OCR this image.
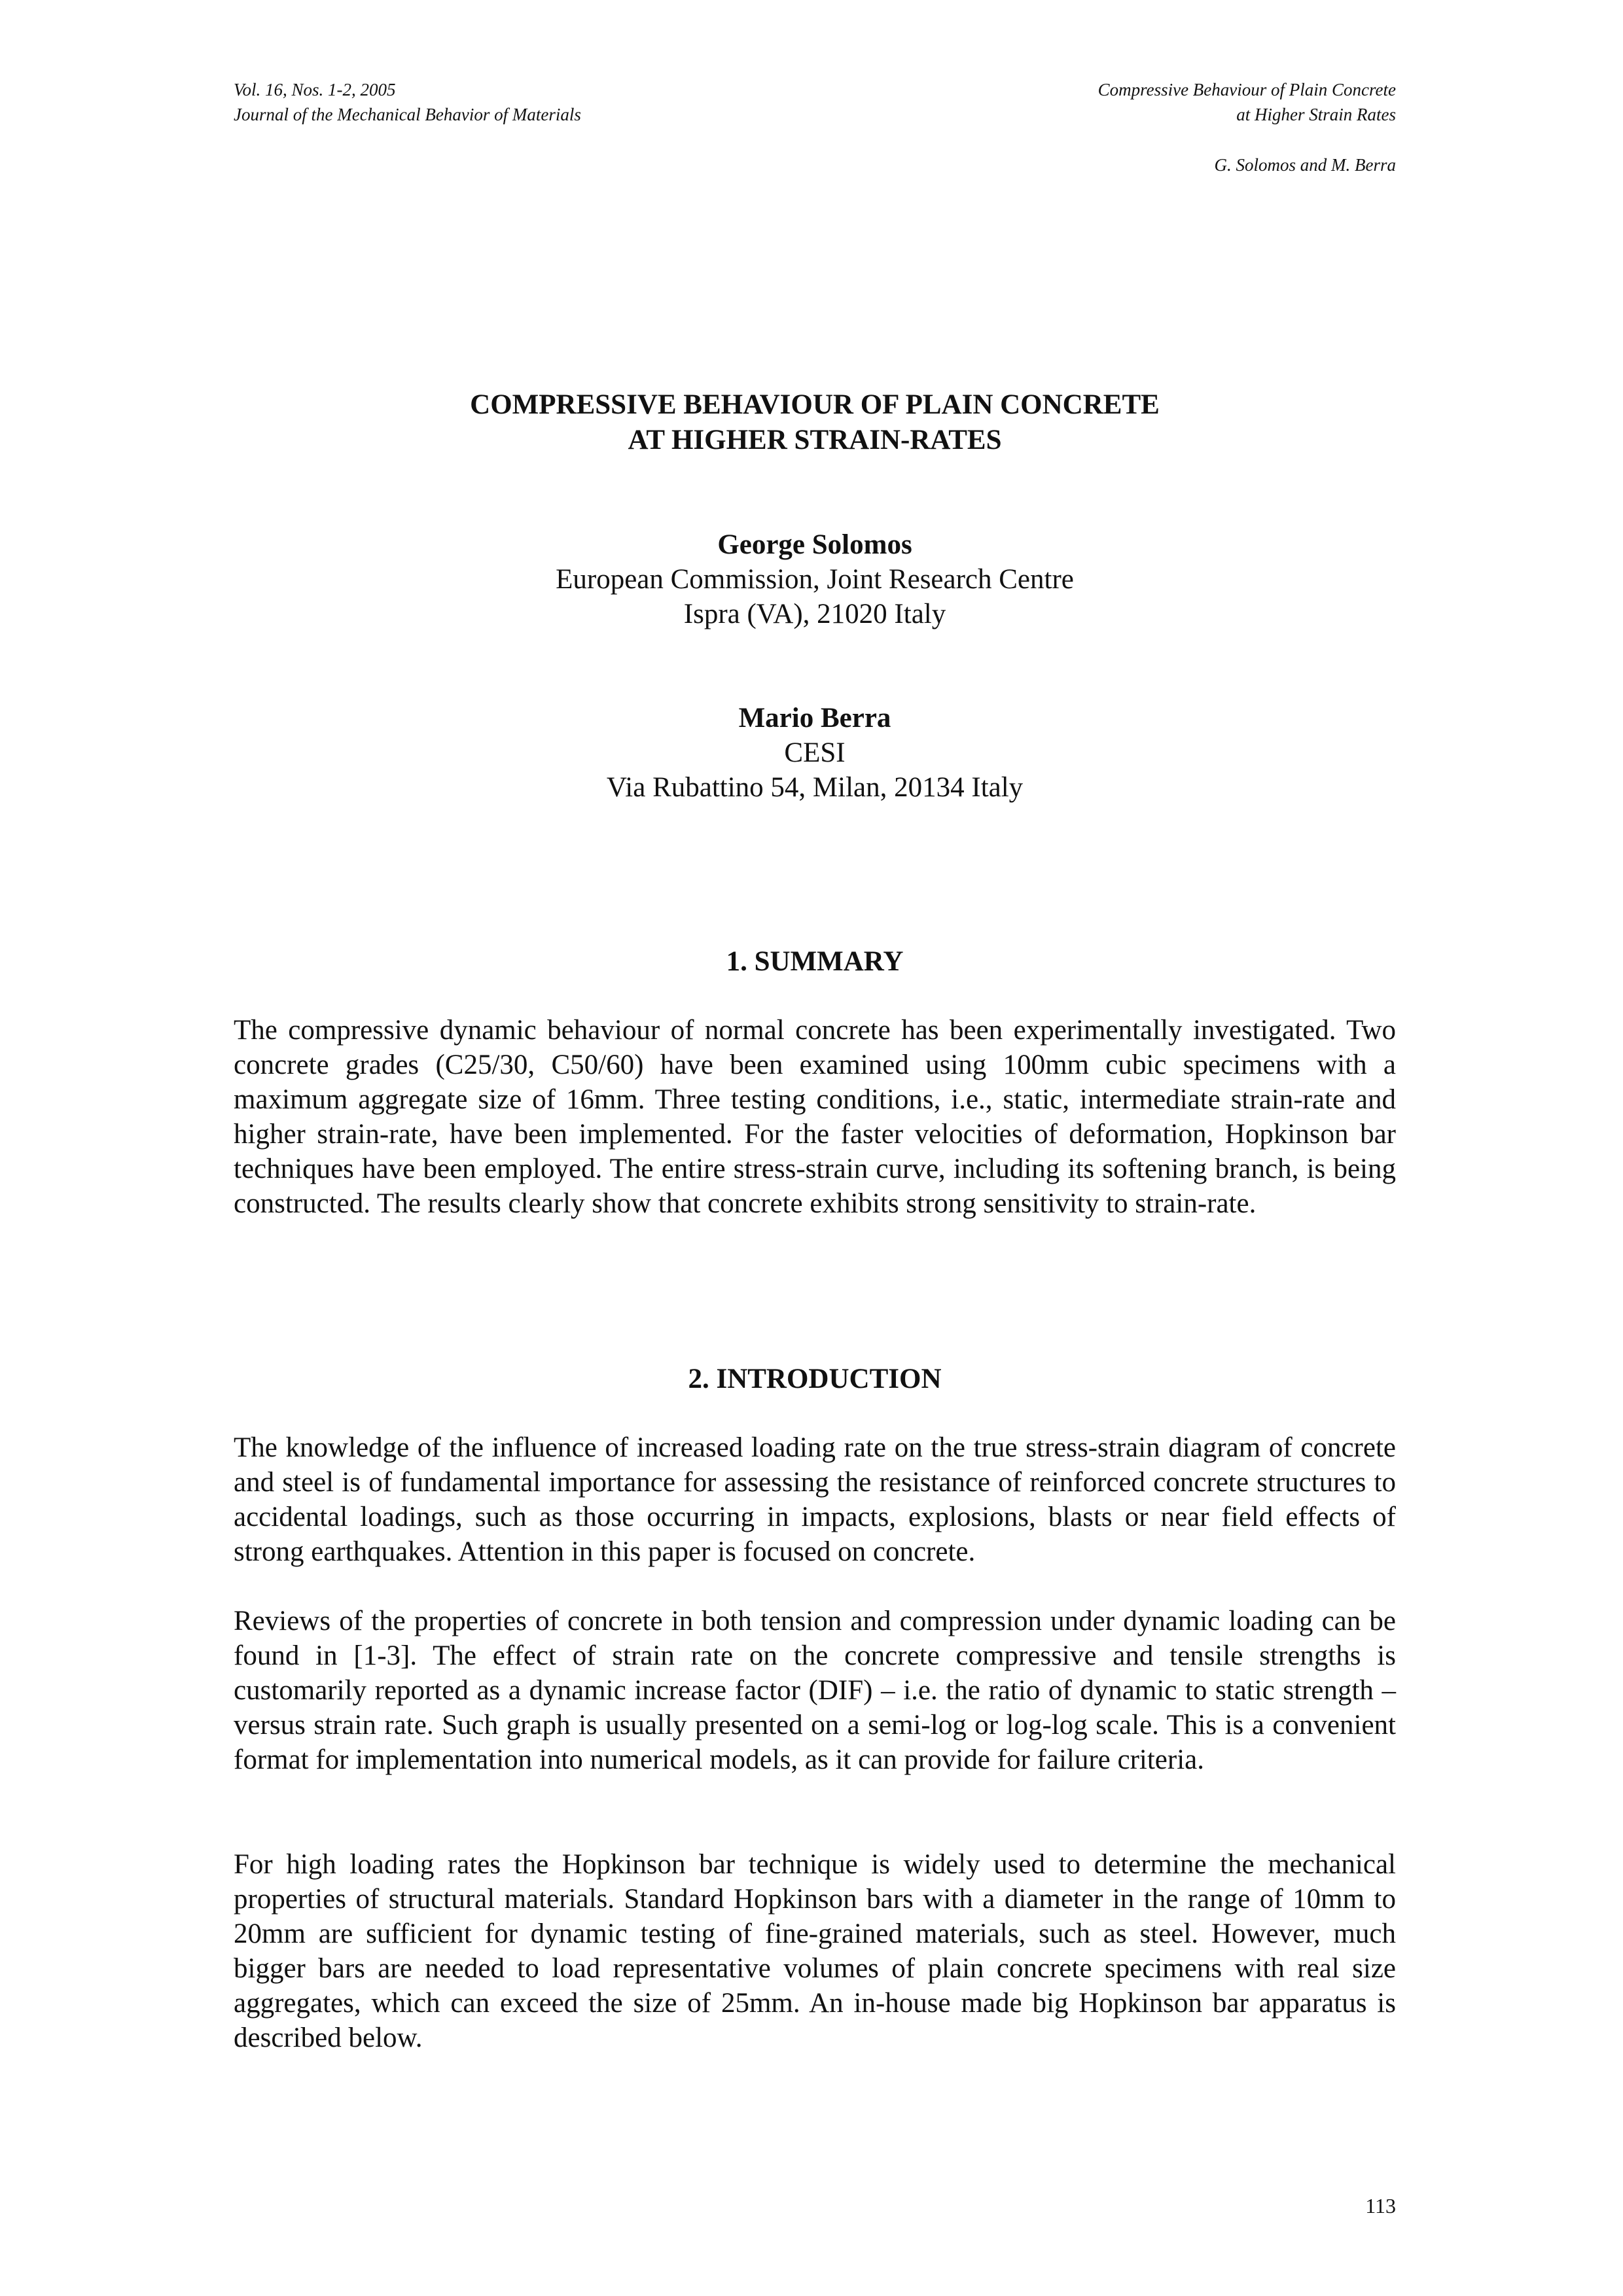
Vol. 16, Nos. 1-2, 2005
Journal of the Mechanical Behavior of Materials
Compressive Behaviour of Plain Concrete
at Higher Strain Rates
G. Solomos and M. Berra
COMPRESSIVE BEHAVIOUR OF PLAIN CONCRETE
AT HIGHER STRAIN-RATES
George Solomos
European Commission, Joint Research Centre
Ispra (VA), 21020 Italy
Mario Berra
CESI
Via Rubattino 54, Milan, 20134 Italy
1. SUMMARY

The compressive dynamic behaviour of normal concrete has been experimentally investigated. Two concrete grades (C25/30, C50/60) have been examined using 100mm cubic specimens with a maximum aggregate size of 16mm. Three testing conditions, i.e., static, intermediate strain-rate and higher strain-rate, have been implemented. For the faster velocities of deformation, Hopkinson bar techniques have been employed. The entire stress-strain curve, including its softening branch, is being constructed. The results clearly show that concrete exhibits strong sensitivity to strain-rate.

2. INTRODUCTION

The knowledge of the influence of increased loading rate on the true stress-strain diagram of concrete and steel is of fundamental importance for assessing the resistance of reinforced concrete structures to accidental loadings, such as those occurring in impacts, explosions, blasts or near field effects of strong earthquakes. Attention in this paper is focused on concrete.

Reviews of the properties of concrete in both tension and compression under dynamic loading can be found in [1-3]. The effect of strain rate on the concrete compressive and tensile strengths is customarily reported as a dynamic increase factor (DIF) – i.e. the ratio of dynamic to static strength – versus strain rate. Such graph is usually presented on a semi-log or log-log scale. This is a convenient format for implementation into numerical models, as it can provide for failure criteria.

For high loading rates the Hopkinson bar technique is widely used to determine the mechanical properties of structural materials. Standard Hopkinson bars with a diameter in the range of 10mm to 20mm are sufficient for dynamic testing of fine-grained materials, such as steel. However, much bigger bars are needed to load representative volumes of plain concrete specimens with real size aggregates, which can exceed the size of 25mm. An in-house made big Hopkinson bar apparatus is described below.

113
